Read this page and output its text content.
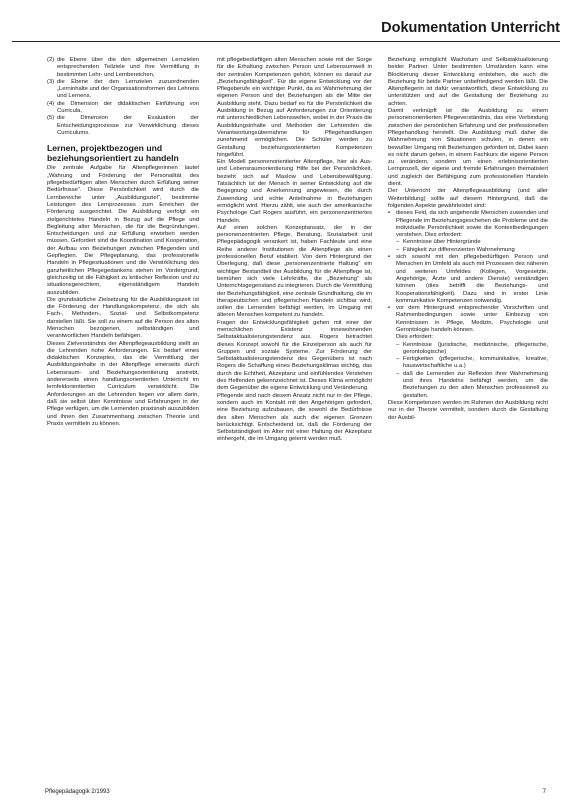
Dokumentation Unterricht
(2) die Ebene über die den allgemeinen Lernzielen entsprechenden Teilziele und ihre Vermittlung in bestimmten Lehr- und Lernbereichen,
(3) die Ebene der den Lernzielen zuzuordnenden „Lerninhalte und der Organisationsformen des Lehrens und Lernens,
(4) die Dimension der didaktischen Einführung von Curricula,
(5) die Dimension der Evaluation der Entscheidungsprozesse zur Verwirklichung dieses Curriculums.
Lernen, projektbezogen und beziehungsorientiert zu handeln

Die zentrale Aufgabe für Altenpflegerinnen lautet „Wahrung und Förderung der Personalität des pflegebedürftigen alten Menschen durch Erfüllung seiner Bedürfnisse“. Diese Persönlichkeit wird durch die Lernbereiche unter „Ausbildungsziel“, bestimmte Leistungen des Lernprozesses zum Erreichen der Förderung ausgerichtet. Die Ausbildung verfolgt ein zielgerichtetes Handeln in Bezug auf die Pflege und Begleitung alter Menschen, die für die Begründungen, Entscheidungen und zur Erfüllung erworben werden müssen. Gefordert sind die Koordination und Kooperation, der Aufbau von Beziehungen zwischen Pflegenden und Gepflegten. Die Pflegeplanung, das professionelle Handeln in Pflegesituationen und die Verwirklichung des ganzheitlichen Pflegegedankens stehen im Vordergrund, gleichzeitig ist die Fähigkeit zu kritischer Reflexion und zu situationsgerechtem, eigenständigem Handeln auszubilden.

Die grundsätzliche Zielsetzung für die Ausbildungszeit ist die Förderung der Handlungskompetenz, die sich als Fach-, Methoden-, Sozial- und Selbstkompetenz darstellen läßt. Sie soll zu einem auf die Person des alten Menschen bezogenen, selbständigen und verantwortlichen Handeln befähigen.

Dieses Zielverständnis der Altenpflegeausbildung stellt an die Lehrenden hohe Anforderungen. Es bedarf eines didaktischen Konzeptes, das die Vermittlung der Ausbildungsinhalte in der Altenpflege einerseits durch Lebensraum- und Beziehungsorientierung anstrebt, andererseits einen handlungsorientierten Unterricht im lernfeldorientierten Curriculum verwirklicht. Die Anforderungen an die Lehrenden liegen vor allem darin, daß sie selbst über Kenntnisse und Erfahrungen in der Pflege verfügen, um die Lernenden praxisnah auszubilden und ihnen den Zusammenhang zwischen Theorie und Praxis vermitteln zu können.

mit pflegebedürftigen alten Menschen sowie mit der Sorge für die Erhaltung zwischen Person und Lebensumwelt in der zentralen Kompetenzen gehört, können es darauf zur „Beziehungsfähigkeit“. Für die eigene Entwicklung vor der Pflegeberufe ein wichtiger Punkt, da es Wahrnehmung der eigenen Person und der Beziehungen als die Mitte der Ausbildung steht. Dazu bedarf es für die Persönlichkeit die Ausbildung in Bezug auf Anforderungen zur Orientierung mit unterschiedlichen Lebenswelten, wobei in der Praxis die Ausbildungsinhalte und Methoden der Lehrenden die Verantwortungsübernahme für Pflegehandlungen zunehmend ermöglichen. Die Schüler werden zu Gestaltung beziehungsorientierten Kompetenzen hingeführt.

Ein Modell personenorientierter Altenpflege, hier als Aus- und Lebensraumorientierung Hilfe bei der Persönlichkeit, bezieht sich auf Maslow und Lebensbewältigung. Tatsächlich ist der Mensch in seiner Entwicklung auf die Begegnung und Anerkennung angewiesen, die durch Zuwendung und echte Anteilnahme in Beziehungen ermöglicht wird. Hierzu zählt, wie auch der amerikanische Psychologe Carl Rogers ausführt, ein personenzentriertes Handeln.

Auf einen solchen Konzeptansatz, der in der personenzentrierten Pflege, Beratung, Sozialarbeit und Pflegepädagogik verankert ist, haben Fachleute und eine Reihe anderer Institutionen die Altenpflege als einen professionellen Beruf etabliert. Von dem Hintergrund der Überlegung, daß diese „personenzentrierte Haltung“ ein wichtiger Bestandteil der Ausbildung für die Altenpflege ist, bemühen sich viele Lehrkräfte, die „Beziehung“ als Unterrichtsgegenstand zu integrieren. Durch die Vermittlung der Beziehungsfähigkeit, eine zentrale Grundhaltung, die im therapeutischen und pflegerischen Handeln sichtbar wird, sollen die Lernenden befähigt werden, im Umgang mit älteren Menschen kompetent zu handeln.

Fragen der Entwicklungsfähigkeit gehen mit einer der menschlichen Existenz innewohnenden Selbstaktualisierungstendenz aus. Rogers betrachtet dieses Konzept sowohl für die Einzelperson als auch für Gruppen und soziale Systeme. Zur Förderung der Selbstaktualisierungstendenz des Gegenübers ist nach Rogers die Schaffung eines Beziehungsklimas wichtig, das durch die Echtheit, Akzeptanz und einfühlendes Verstehen des Helfenden gekennzeichnet ist. Dieses Klima ermöglicht dem Gegenüber die eigene Entwicklung und Veränderung.

Pflegende sind nach diesem Ansatz nicht nur in der Pflege, sondern auch im Kontakt mit den Angehörigen gefordert, eine Beziehung aufzubauen, die sowohl die Bedürfnisse des alten Menschen als auch die eigenen Grenzen berücksichtigt. Entscheidend ist, daß die Förderung der Selbstständigkeit im Alter mit einer Haltung der Akzeptanz einhergeht, die im Umgang gelernt werden muß.

Beziehung ermöglicht Wachstum und Selbstaktualisierung beider Partner. Unter bestimmten Umständen kann eine Blockierung dieser Entwicklung entstehen, die auch die Beziehung für beide Partner unbefriedigend werden läßt. Die Altenpflegerin ist dafür verantwortlich, diese Entwicklung zu unterstützen und auf die Gestaltung der Beziehung zu achten.

Damit verknüpft ist die Ausbildung zu einem personenorientierten Pflegeverständnis, das eine Verbindung zwischen der persönlichen Erfahrung und der professionellen Pflegehandlung herstellt. Die Ausbildung muß daher die Wahrnehmung von Situationen schulen, in denen ein bewußter Umgang mit Beziehungen gefordert ist. Dabei kann es nicht darum gehen, in einem Fachkurs die eigene Person zu verändern, sondern um einen erlebnisorientierten Lernprozeß, der eigene und fremde Erfahrungen thematisiert und zugleich der Befähigung zum professionellen Handeln dient.

Der Unterricht der Altenpflegeausbildung (und aller Weiterbildung) sollte auf diesem Hintergrund, daß die folgenden Aspekte gewährleistet sind:

•	dieses Feld, da sich angehende Menschen zuwenden und Pflegende im Beziehungsgeschehen die Probleme und die individuelle Persönlichkeit sowie die Kontextbedingungen verstehen. Dies erfordert:
– Kenntnisse über Hintergründe
– Fähigkeit zur differenzierten Wahrnehmung
•	sich sowohl mit den pflegebedürftigen Person und Menschen im Umfeld als auch mit Prozessen des näheren und weiteren Umfeldes (Kollegen, Vorgesetzte, Angehörige, Ärzte und andere Dienste) verständigen können (dies betrifft die Beziehungs- und Kooperationsfähigkeit). Dazu sind in erster Linie kommunikative Kompetenzen notwendig.
•	vor dem Hintergrund entsprechender Vorschriften und Rahmenbedingungen sowie unter Einbezug von Kenntnissen in Pflege, Medizin, Psychologie und Gerontologie handeln können.
Dies erfordert:
– Kenntnisse (juristische, medizinische, pflegerische, gerontologische)
– Fertigkeiten (pflegerische, kommunikative, kreative, hauswirtschaftliche u.a.)
– daß die Lernenden zur Reflexion ihrer Wahrnehmung und ihres Handelns befähigt werden, um die Beziehungen zu den alten Menschen professionell zu gestalten.

Diese Kompetenzen werden im Rahmen der Ausbildung nicht nur in der Theorie vermittelt, sondern durch die Gestaltung der Ausbil-

Pflegepädagogik 2/1993	7
